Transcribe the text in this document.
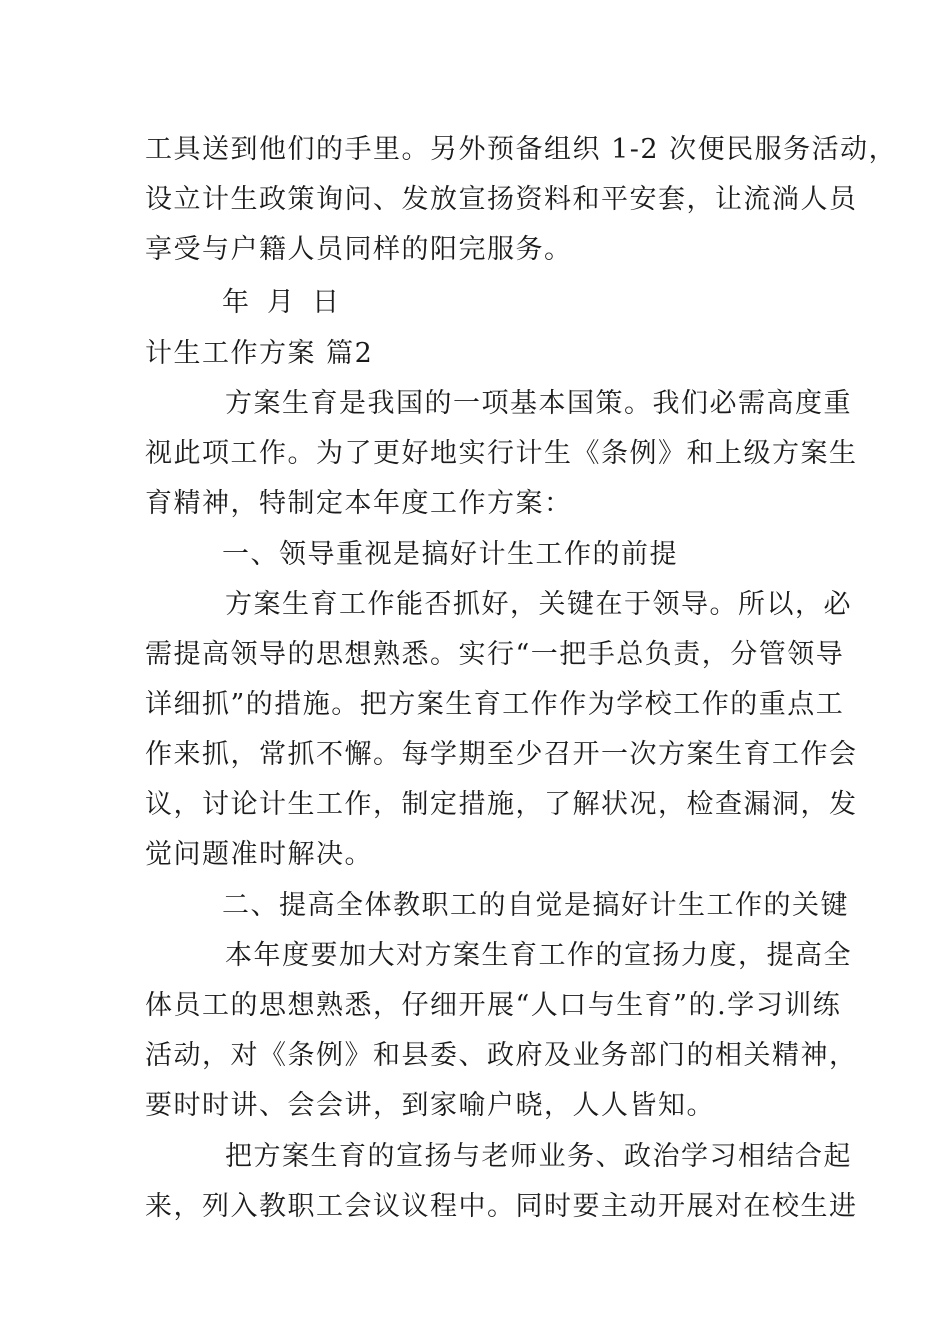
工具送到他们的手里。另外预备组织 1-2 次便民服务活动，
设立计生政策询问、发放宣扬资料和平安套，让流淌人员
享受与户籍人员同样的阳完服务。
年 月 日
计生工作方案 篇2
方案生育是我国的一项基本国策。我们必需高度重
视此项工作。为了更好地实行计生《条例》和上级方案生
育精神，特制定本年度工作方案：
一、领导重视是搞好计生工作的前提
方案生育工作能否抓好，关键在于领导。所以，必
需提高领导的思想熟悉。实行“一把手总负责，分管领导
详细抓”的措施。把方案生育工作作为学校工作的重点工
作来抓，常抓不懈。每学期至少召开一次方案生育工作会
议，讨论计生工作，制定措施，了解状况，检查漏洞，发
觉问题准时解决。
二、提高全体教职工的自觉是搞好计生工作的关键
本年度要加大对方案生育工作的宣扬力度，提高全
体员工的思想熟悉，仔细开展“人口与生育”的.学习训练
活动，对《条例》和县委、政府及业务部门的相关精神，
要时时讲、会会讲，到家喻户晓，人人皆知。
把方案生育的宣扬与老师业务、政治学习相结合起
来，列入教职工会议议程中。同时要主动开展对在校生进
